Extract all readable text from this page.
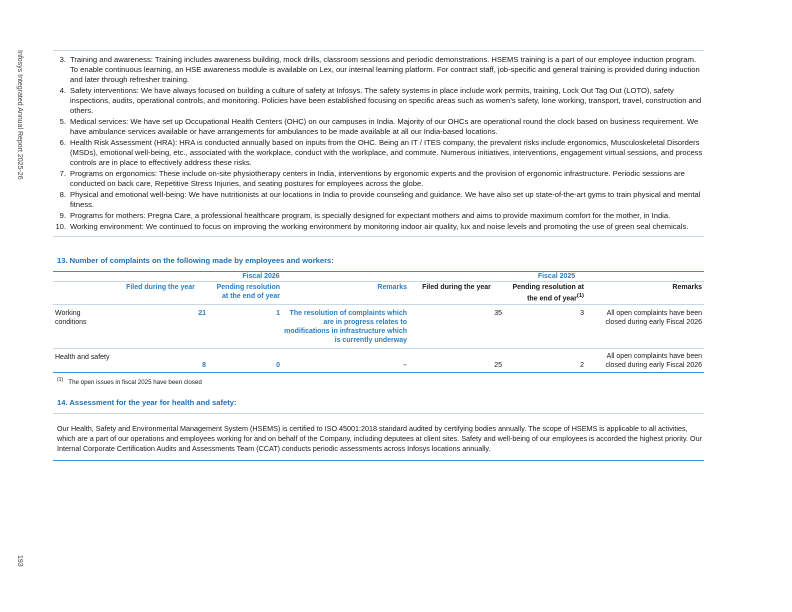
Infosys Integrated Annual Report 2025-26
193
3. Training and awareness: Training includes awareness building, mock drills, classroom sessions and periodic demonstrations. HSEMS training is a part of our employee induction program. To enable continuous learning, an HSE awareness module is available on Lex, our internal learning platform. For contract staff, job-specific and general training is provided during induction and later through refresher training.
4. Safety interventions: We have always focused on building a culture of safety at Infosys. The safety systems in place include work permits, training, Lock Out Tag Out (LOTO), safety inspections, audits, operational controls, and monitoring. Policies have been established focusing on specific areas such as women’s safety, lone working, transport, travel, construction and others.
5. Medical services: We have set up Occupational Health Centers (OHC) on our campuses in India. Majority of our OHCs are operational round the clock based on business requirement. We have ambulance services available or have arrangements for ambulances to be made available at all our India-based locations.
6. Health Risk Assessment (HRA): HRA is conducted annually based on inputs from the OHC. Being an IT / ITES company, the prevalent risks include ergonomics, Musculoskeletal Disorders (MSDs), emotional well-being, etc., associated with the workplace, conduct with the workplace, and commute. Numerous initiatives, interventions, engagement virtual sessions, and process controls are in place to effectively address these risks.
7. Programs on ergonomics: These include on-site physiotherapy centers in India, interventions by ergonomic experts and the provision of ergonomic infrastructure. Periodic sessions are conducted on back care, Repetitive Stress Injuries, and seating postures for employees across the globe.
8. Physical and emotional well-being: We have nutritionists at our locations in India to provide counseling and guidance. We have also set up state-of-the-art gyms to train physical and mental fitness.
9. Programs for mothers: Pregna Care, a professional healthcare program, is specially designed for expectant mothers and aims to provide maximum comfort for the mother, in India.
10. Working environment: We continued to focus on improving the working environment by monitoring indoor air quality, lux and noise levels and promoting the use of green seal chemicals.
13. Number of complaints on the following made by employees and workers:
	Fiscal 2026			Fiscal 2025		
	Filed during the year	Pending resolution at the end of year	Remarks	Filed during the year	Pending resolution at the end of year$^{(1)}$	Remarks
Working conditions	21	1	The resolution of complaints which are in progress relates to modifications in infrastructure which is currently underway	35	3	All open complaints have been closed during early Fiscal 2026
Health and safety	8	0	–	25	2	All open complaints have been closed during early Fiscal 2026
$^{(1)}$ The open issues in fiscal 2025 have been closed
14. Assessment for the year for health and safety:
Our Health, Safety and Environmental Management System (HSEMS) is certified to ISO 45001:2018 standard audited by certifying bodies annually. The scope of HSEMS is applicable to all activities, which are a part of our operations and employees working for and on behalf of the Company, including deputees at client sites. Safety and well-being of our employees is accorded the highest priority. Our Internal Corporate Certification Audits and Assessments Team (CCAT) conducts periodic assessments across Infosys locations annually.
